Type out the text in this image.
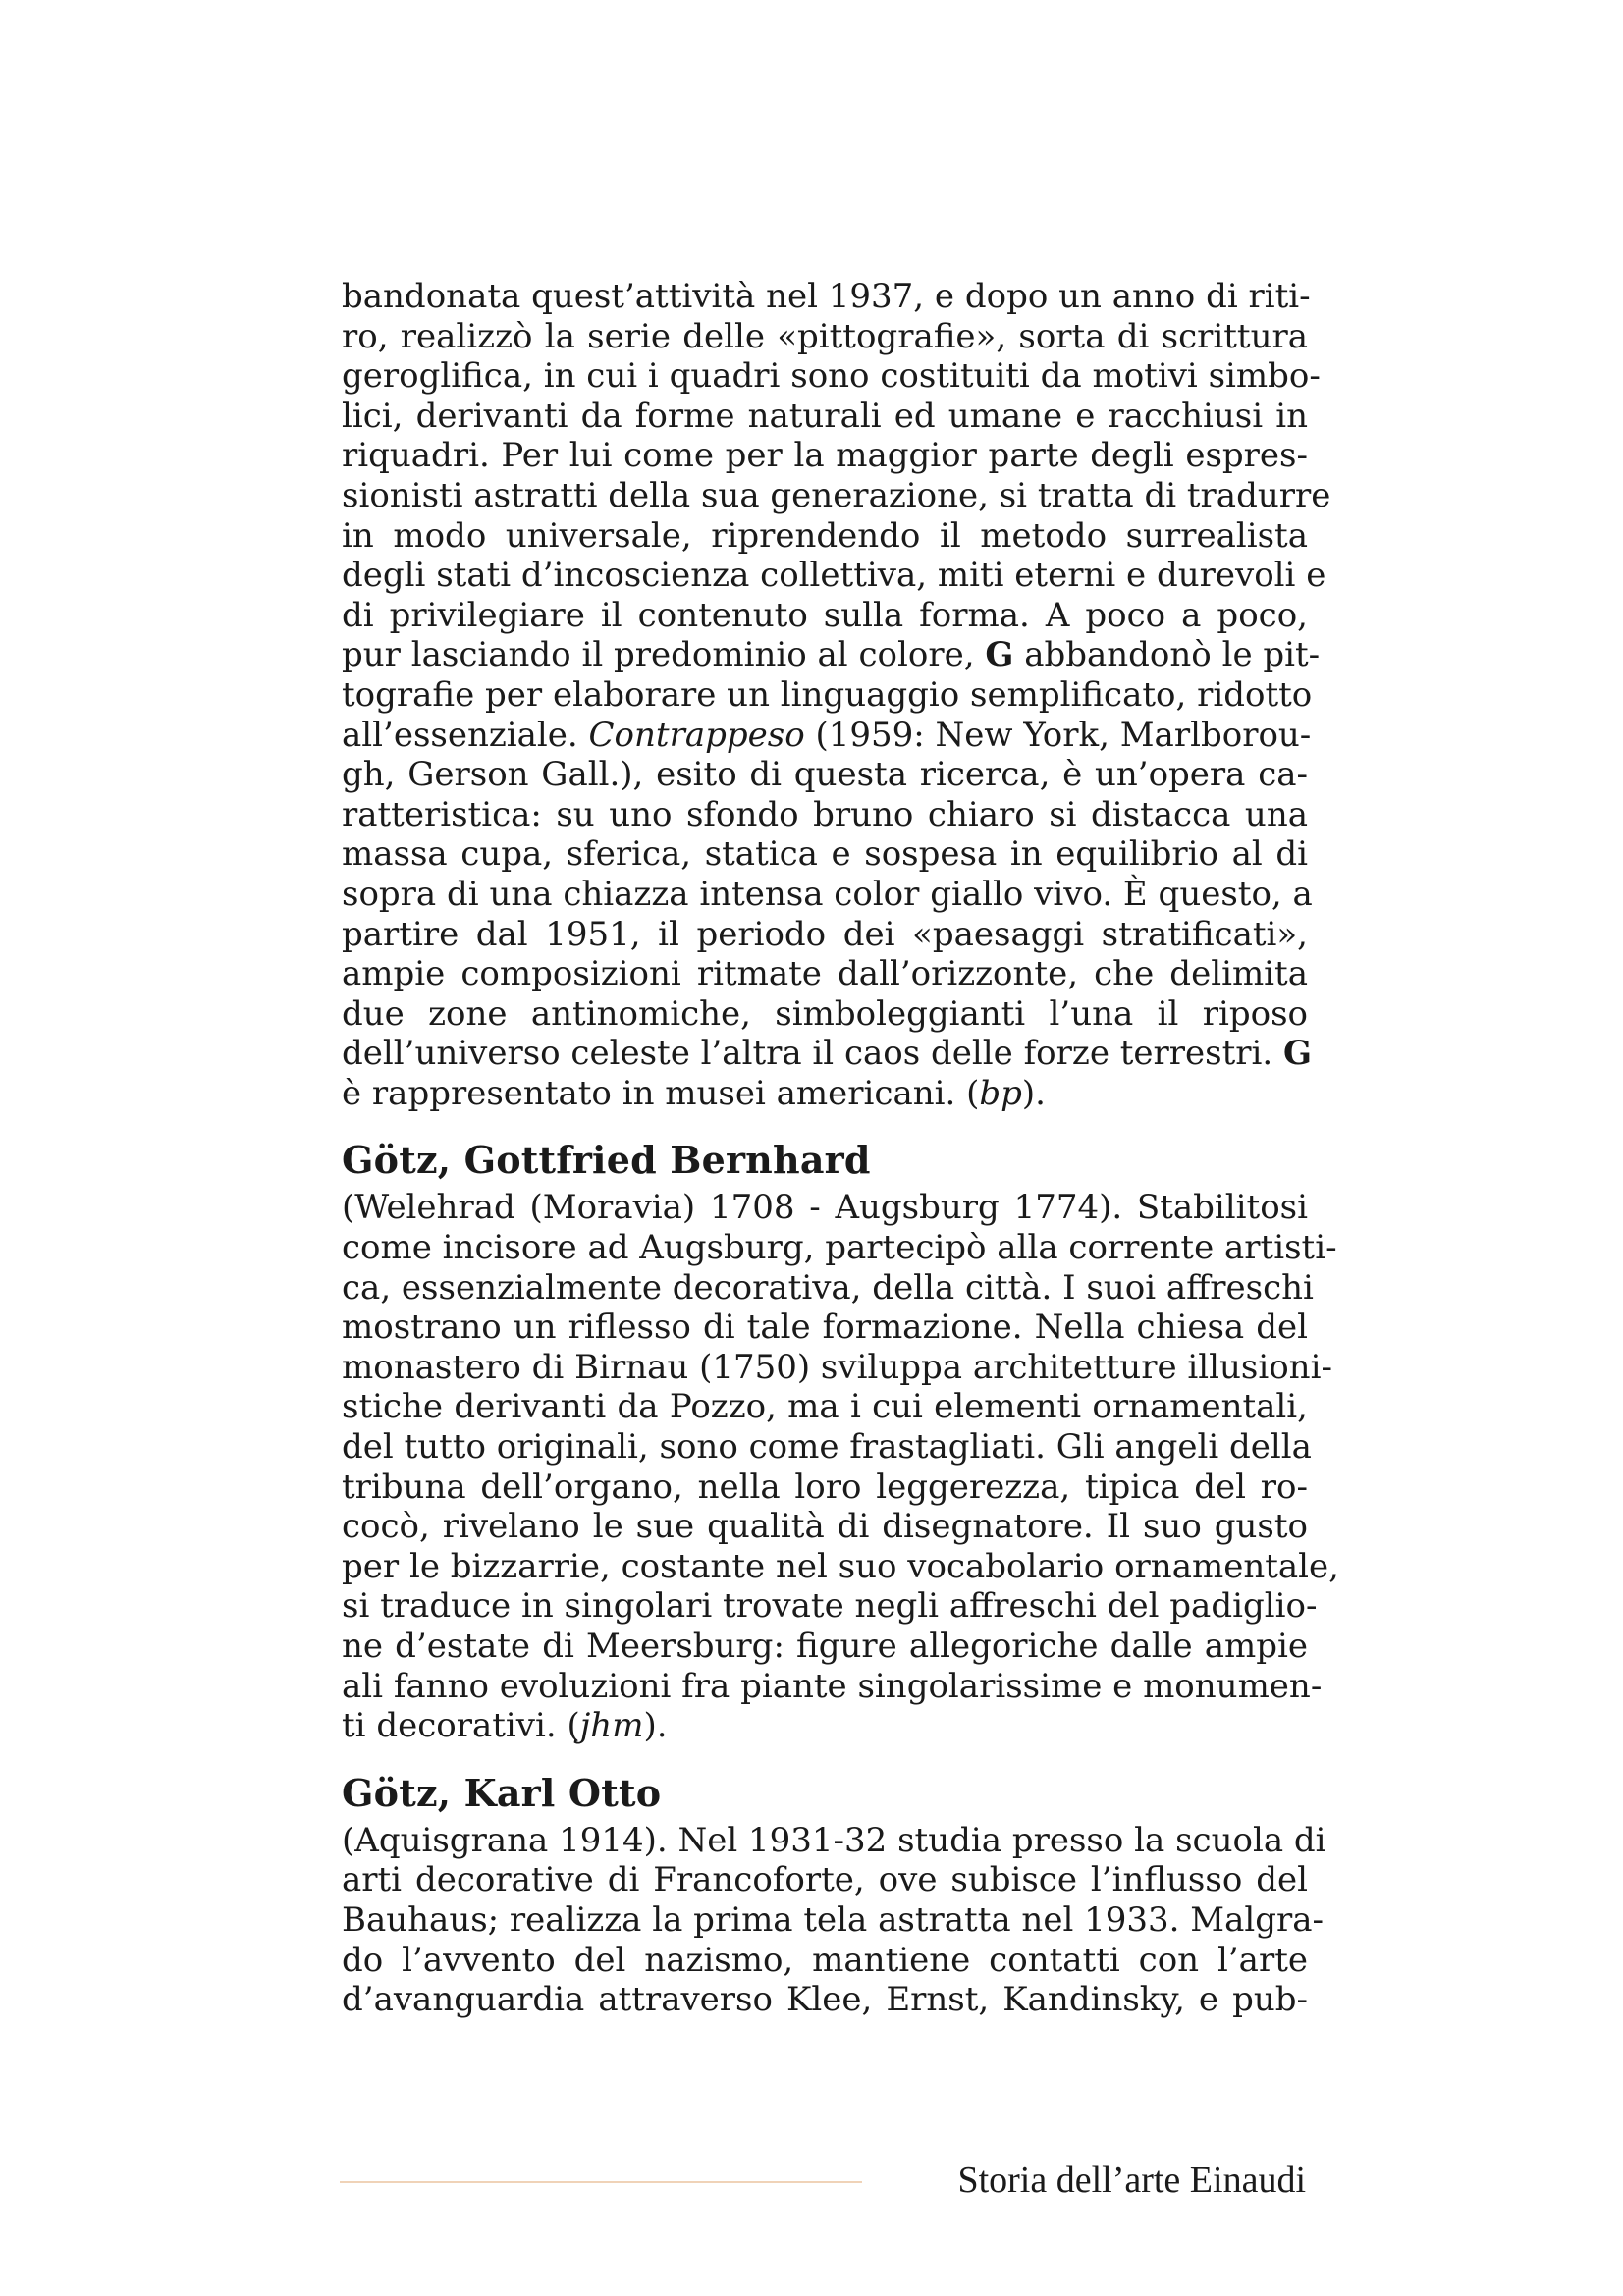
bandonata quest’attività nel 1937, e dopo un anno di riti-
ro, realizzò la serie delle «pittografie», sorta di scrittura
geroglifica, in cui i quadri sono costituiti da motivi simbo-
lici, derivanti da forme naturali ed umane e racchiusi in
riquadri. Per lui come per la maggior parte degli espres-
sionisti astratti della sua generazione, si tratta di tradurre
in modo universale, riprendendo il metodo surrealista
degli stati d’incoscienza collettiva, miti eterni e durevoli e
di privilegiare il contenuto sulla forma. A poco a poco,
pur lasciando il predominio al colore, G abbandonò le pit-
tografie per elaborare un linguaggio semplificato, ridotto
all’essenziale. Contrappeso (1959: New York, Marlborou-
gh, Gerson Gall.), esito di questa ricerca, è un’opera ca-
ratteristica: su uno sfondo bruno chiaro si distacca una
massa cupa, sferica, statica e sospesa in equilibrio al di
sopra di una chiazza intensa color giallo vivo. È questo, a
partire dal 1951, il periodo dei «paesaggi stratificati»,
ampie composizioni ritmate dall’orizzonte, che delimita
due zone antinomiche, simboleggianti l’una il riposo
dell’universo celeste l’altra il caos delle forze terrestri. G
è rappresentato in musei americani. (bp).

Götz, Gottfried Bernhard

(Welehrad (Moravia) 1708 - Augsburg 1774). Stabilitosi
come incisore ad Augsburg, partecipò alla corrente artisti-
ca, essenzialmente decorativa, della città. I suoi affreschi
mostrano un riflesso di tale formazione. Nella chiesa del
monastero di Birnau (1750) sviluppa architetture illusioni-
stiche derivanti da Pozzo, ma i cui elementi ornamentali,
del tutto originali, sono come frastagliati. Gli angeli della
tribuna dell’organo, nella loro leggerezza, tipica del ro-
cocò, rivelano le sue qualità di disegnatore. Il suo gusto
per le bizzarrie, costante nel suo vocabolario ornamentale,
si traduce in singolari trovate negli affreschi del padiglio-
ne d’estate di Meersburg: figure allegoriche dalle ampie
ali fanno evoluzioni fra piante singolarissime e monumen-
ti decorativi. (jhm).

Götz, Karl Otto

(Aquisgrana 1914). Nel 1931-32 studia presso la scuola di
arti decorative di Francoforte, ove subisce l’influsso del
Bauhaus; realizza la prima tela astratta nel 1933. Malgra-
do l’avvento del nazismo, mantiene contatti con l’arte
d’avanguardia attraverso Klee, Ernst, Kandinsky, e pub-

Storia dell’arte Einaudi
